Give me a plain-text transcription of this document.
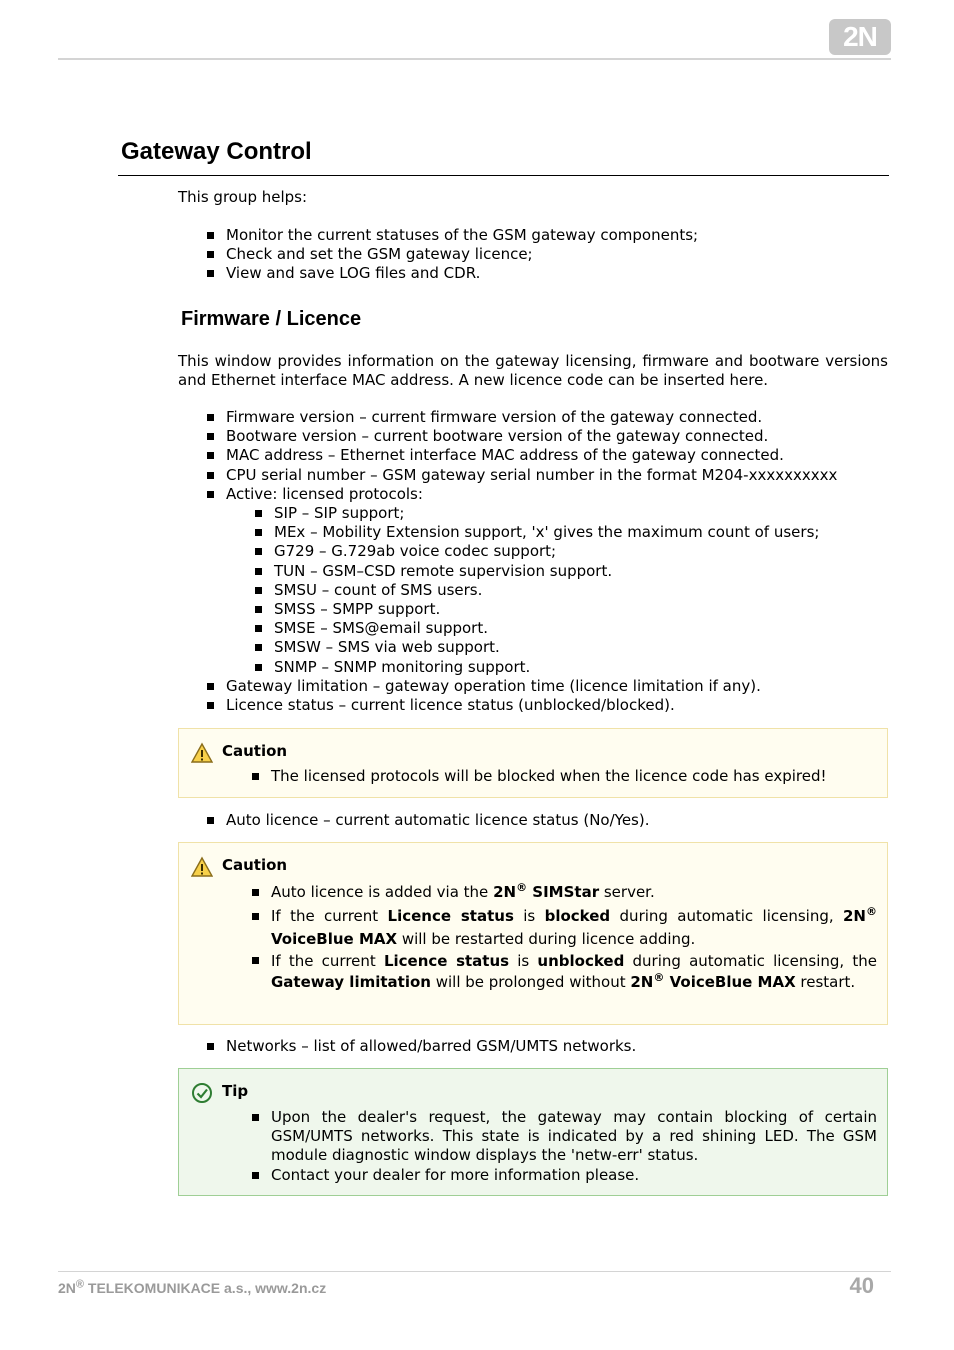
2N
Gateway Control
This group helps:
Monitor the current statuses of the GSM gateway components;
Check and set the GSM gateway licence;
View and save LOG files and CDR.
Firmware / Licence
This window provides information on the gateway licensing, firmware and bootware versions and Ethernet interface MAC address. A new licence code can be inserted here.
Firmware version – current firmware version of the gateway connected.
Bootware version – current bootware version of the gateway connected.
MAC address – Ethernet interface MAC address of the gateway connected.
CPU serial number – GSM gateway serial number in the format M204-xxxxxxxxxx
Active: licensed protocols:
SIP – SIP support;
MEx – Mobility Extension support, 'x' gives the maximum count of users;
G729 – G.729ab voice codec support;
TUN – GSM–CSD remote supervision support.
SMSU – count of SMS users.
SMSS – SMPP support.
SMSE – SMS@email support.
SMSW – SMS via web support.
SNMP – SNMP monitoring support.
Gateway limitation – gateway operation time (licence limitation if any).
Licence status – current licence status (unblocked/blocked).
Caution
The licensed protocols will be blocked when the licence code has expired!
Auto licence – current automatic licence status (No/Yes).
Caution
Auto licence is added via the 2N® SIMStar server.
If the current Licence status is blocked during automatic licensing, 2N® VoiceBlue MAX will be restarted during licence adding.
If the current Licence status is unblocked during automatic licensing, the Gateway limitation will be prolonged without 2N® VoiceBlue MAX restart.
Networks – list of allowed/barred GSM/UMTS networks.
Tip
Upon the dealer's request, the gateway may contain blocking of certain GSM/UMTS networks. This state is indicated by a red shining LED. The GSM module diagnostic window displays the 'netw-err' status.
Contact your dealer for more information please.
2N® TELEKOMUNIKACE a.s., www.2n.cz	40
